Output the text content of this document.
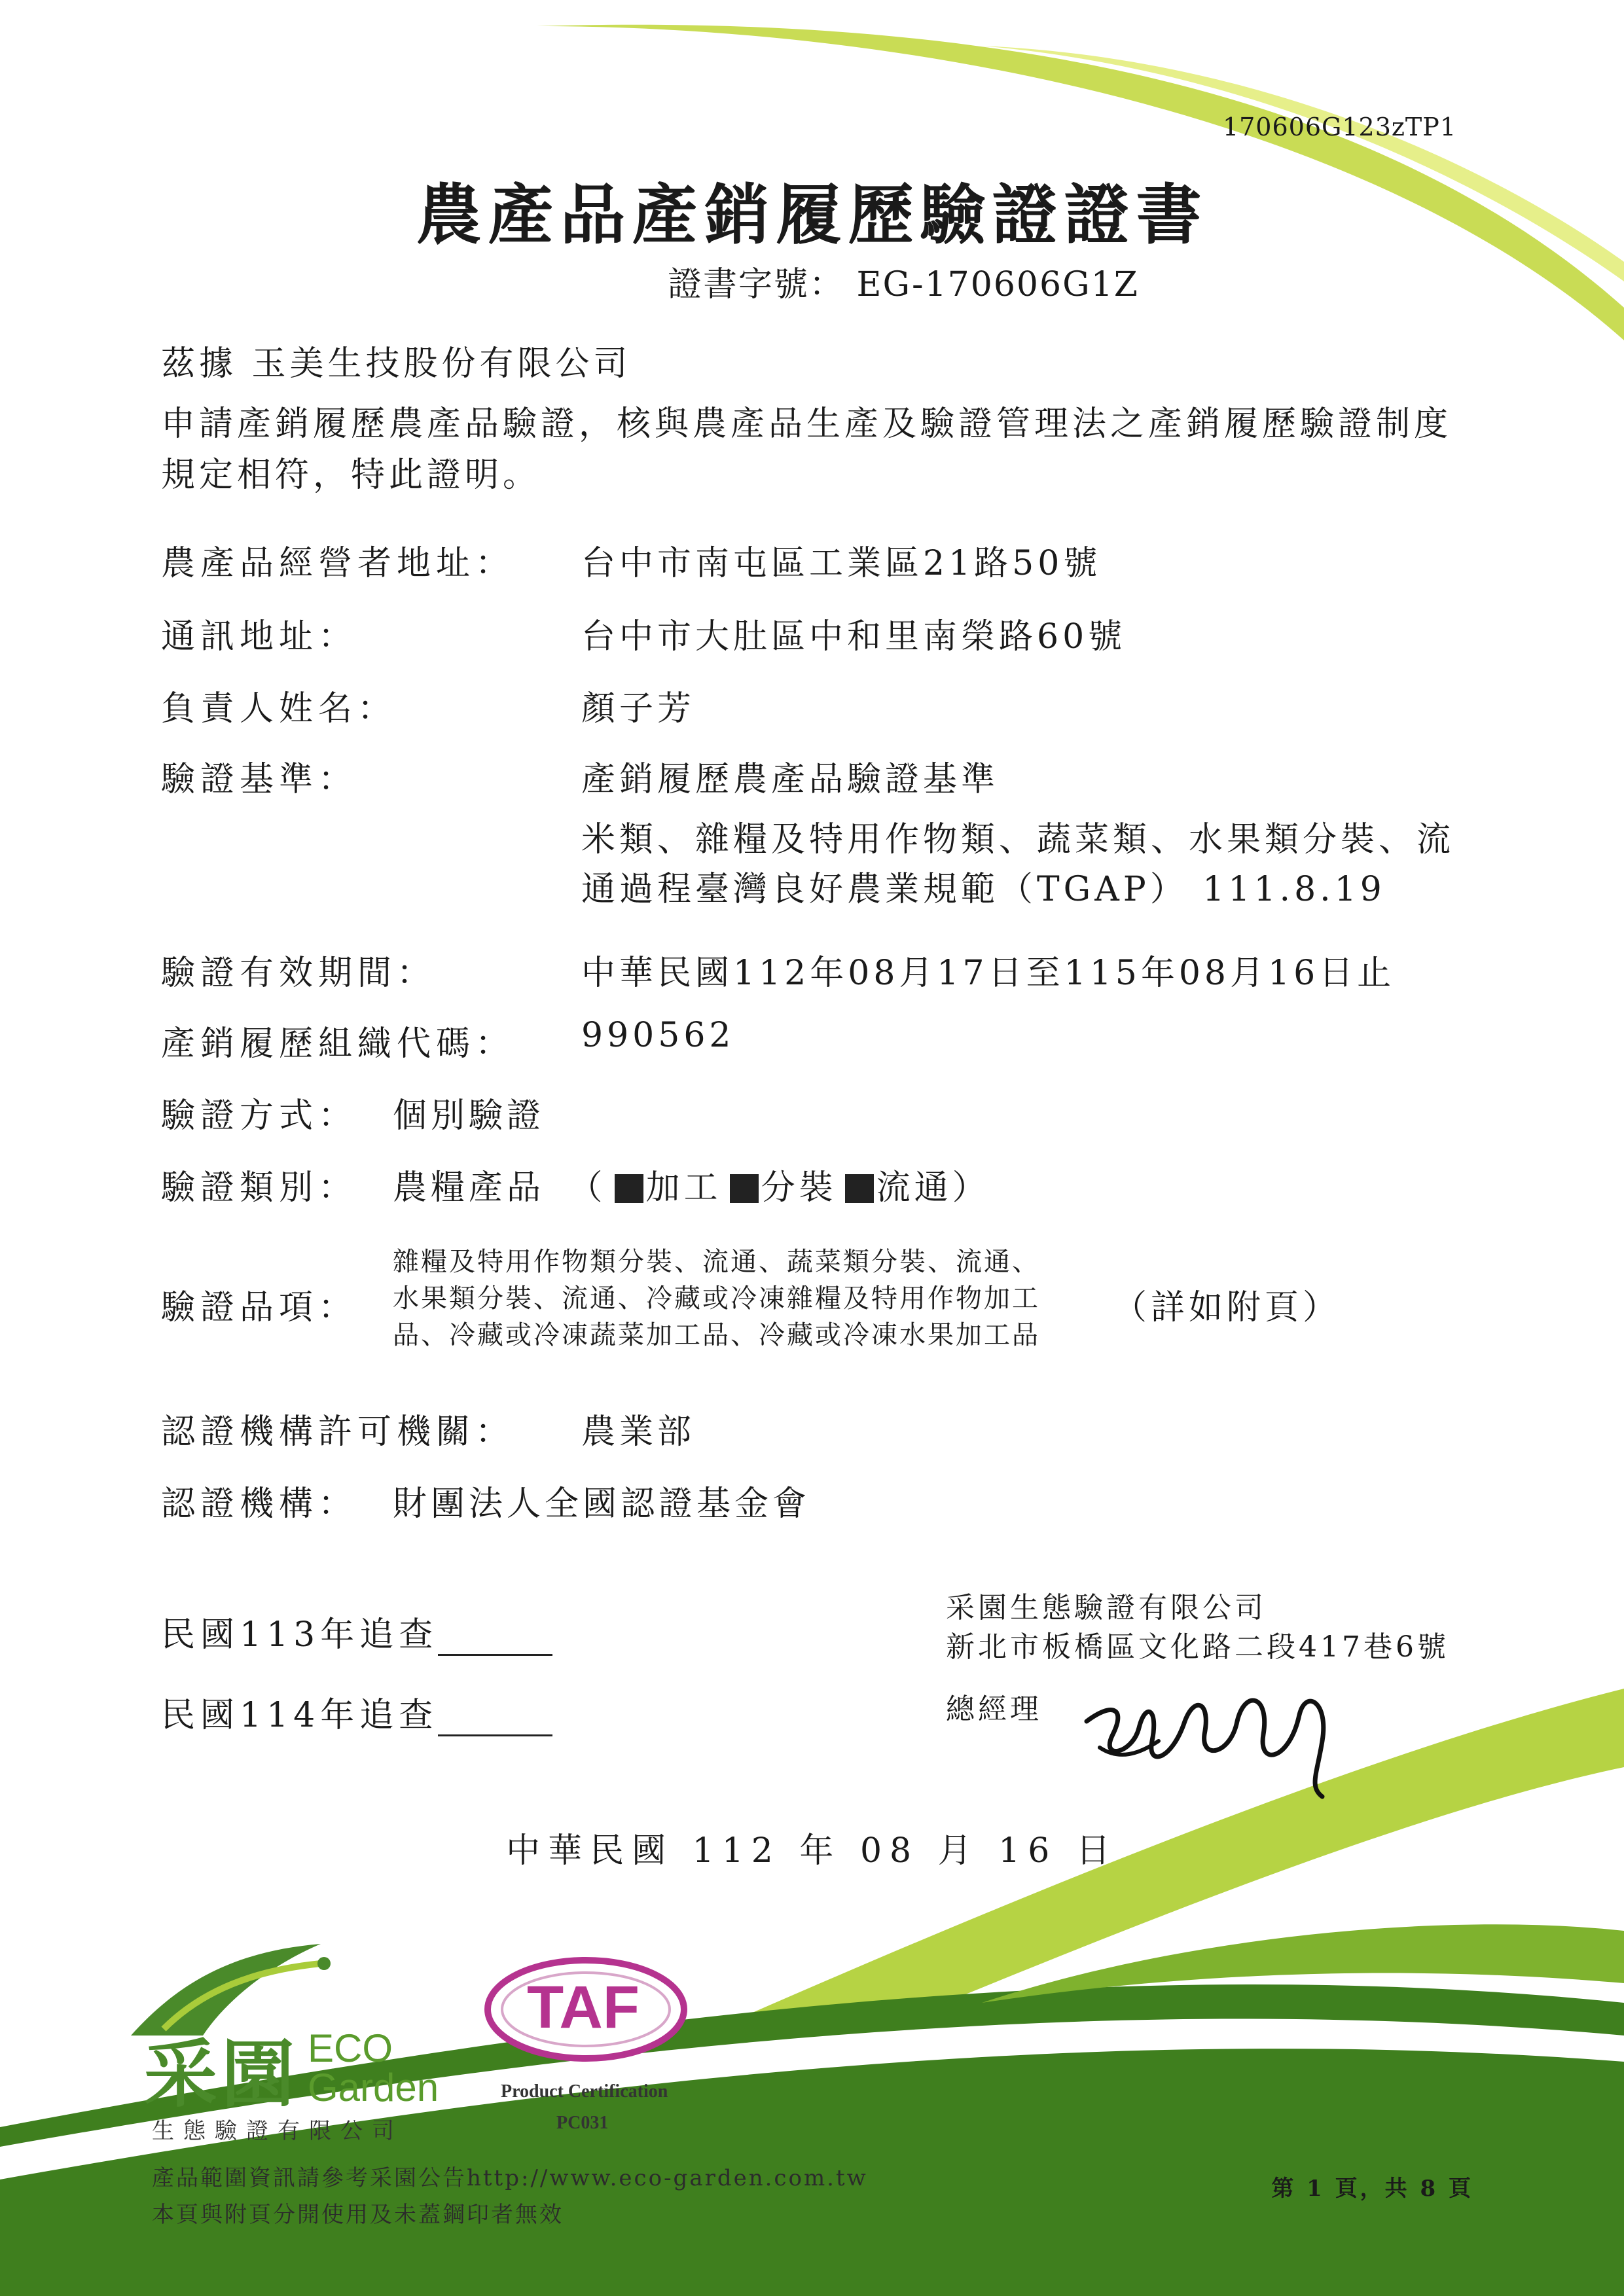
170606G123zTP1
農產品產銷履歷驗證證書
證書字號： EG-170606G1Z
茲據 玉美生技股份有限公司
申請產銷履歷農產品驗證，核與農產品生產及驗證管理法之產銷履歷驗證制度
規定相符，特此證明。
農產品經營者地址： 台中市南屯區工業區21路50號
通訊地址：	台中市大肚區中和里南榮路60號
負責人姓名：	顏子芳
驗證基準：	產銷履歷農產品驗證基準
米類、雜糧及特用作物類、蔬菜類、水果類分裝、流
通過程臺灣良好農業規範（TGAP） 111.8.19
驗證有效期間：	中華民國112年08月17日至115年08月16日止
產銷履歷組織代碼： 990562
驗證方式： 個別驗證
驗證類別： 農糧產品 （ 加工 分裝 流通）
驗證品項：
雜糧及特用作物類分裝、流通、蔬菜類分裝、流通、
水果類分裝、流通、冷藏或冷凍雜糧及特用作物加工
品、冷藏或冷凍蔬菜加工品、冷藏或冷凍水果加工品
（詳如附頁）
認證機構許可機關： 農業部
認證機構： 財團法人全國認證基金會
民國113年追查
民國114年追查
采園生態驗證有限公司
新北市板橋區文化路二段417巷6號
總經理
中華民國 112 年 08 月 16 日
采園 ECO
Garden
生態驗證有限公司
TAF
Product Certification
PC031
產品範圍資訊請參考采園公告http://www.eco-garden.com.tw
本頁與附頁分開使用及未蓋鋼印者無效
第 1 頁，共 8 頁
